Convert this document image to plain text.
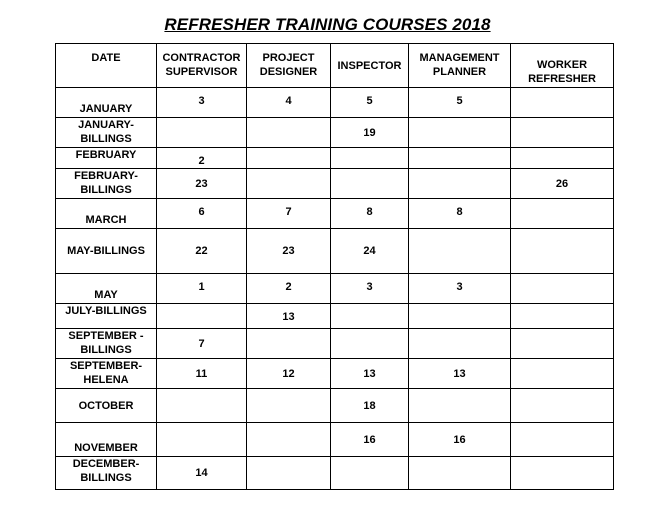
REFRESHER TRAINING COURSES 2018
DATE	CONTRACTOR SUPERVISOR	PROJECT DESIGNER	INSPECTOR	MANAGEMENT PLANNER	WORKER REFRESHER
JANUARY	3	4	5	5	
JANUARY-BILLINGS			19		
FEBRUARY	2				
FEBRUARY-BILLINGS	23				26
MARCH	6	7	8	8	
MAY-BILLINGS	22	23	24		
MAY	1	2	3	3	
JULY-BILLINGS		13			
SEPTEMBER -BILLINGS	7				
SEPTEMBER-HELENA	11	12	13	13	
OCTOBER			18		
NOVEMBER			16	16	
DECEMBER-BILLINGS	14				
